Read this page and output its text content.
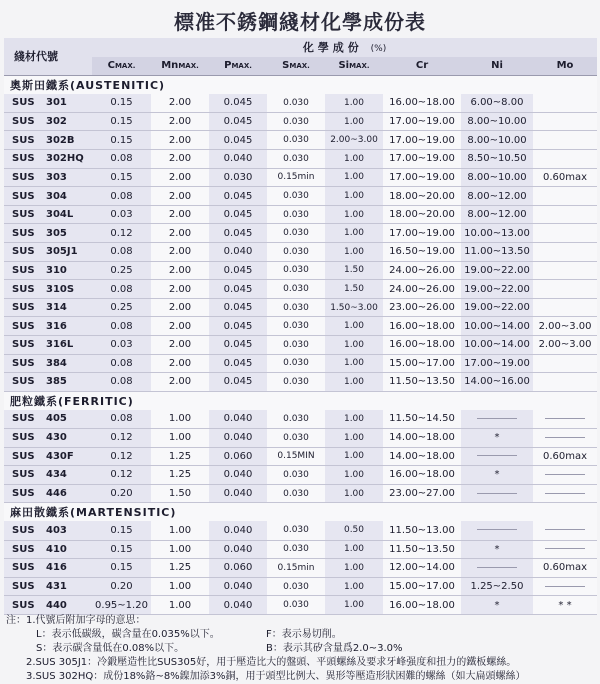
標准不銹鋼綫材化學成份表
綫材代號	化學成份 (%)							
	CMAX.	MnMAX.	PMAX.	SMAX.	SiMAX.	Cr	Ni	Mo
奧斯田鐵系(AUSTENITIC)								
SUS 301	0.15	2.00	0.045	0.030	1.00	16.00~18.00	6.00~8.00	
SUS 302	0.15	2.00	0.045	0.030	1.00	17.00~19.00	8.00~10.00	
SUS 302B	0.15	2.00	0.045	0.030	2.00~3.00	17.00~19.00	8.00~10.00	
SUS 302HQ	0.08	2.00	0.040	0.030	1.00	17.00~19.00	8.50~10.50	
SUS 303	0.15	2.00	0.030	0.15min	1.00	17.00~19.00	8.00~10.00	0.60max
SUS 304	0.08	2.00	0.045	0.030	1.00	18.00~20.00	8.00~12.00	
SUS 304L	0.03	2.00	0.045	0.030	1.00	18.00~20.00	8.00~12.00	
SUS 305	0.12	2.00	0.045	0.030	1.00	17.00~19.00	10.00~13.00	
SUS 305J1	0.08	2.00	0.040	0.030	1.00	16.50~19.00	11.00~13.50	
SUS 310	0.25	2.00	0.045	0.030	1.50	24.00~26.00	19.00~22.00	
SUS 310S	0.08	2.00	0.045	0.030	1.50	24.00~26.00	19.00~22.00	
SUS 314	0.25	2.00	0.045	0.030	1.50~3.00	23.00~26.00	19.00~22.00	
SUS 316	0.08	2.00	0.045	0.030	1.00	16.00~18.00	10.00~14.00	2.00~3.00
SUS 316L	0.03	2.00	0.045	0.030	1.00	16.00~18.00	10.00~14.00	2.00~3.00
SUS 384	0.08	2.00	0.045	0.030	1.00	15.00~17.00	17.00~19.00	
SUS 385	0.08	2.00	0.045	0.030	1.00	11.50~13.50	14.00~16.00	
肥粒鐵系(FERRITIC)								
SUS 405	0.08	1.00	0.040	0.030	1.00	11.50~14.50		
SUS 430	0.12	1.00	0.040	0.030	1.00	14.00~18.00	*	
SUS 430F	0.12	1.25	0.060	0.15MIN	1.00	14.00~18.00		0.60max
SUS 434	0.12	1.25	0.040	0.030	1.00	16.00~18.00	*	
SUS 446	0.20	1.50	0.040	0.030	1.00	23.00~27.00		
麻田散鐵系(MARTENSITIC)								
SUS 403	0.15	1.00	0.040	0.030	0.50	11.50~13.00		
SUS 410	0.15	1.00	0.040	0.030	1.00	11.50~13.50	*	
SUS 416	0.15	1.25	0.060	0.15min	1.00	12.00~14.00		0.60max
SUS 431	0.20	1.00	0.040	0.030	1.00	15.00~17.00	1.25~2.50	
SUS 440	0.95~1.20	1.00	0.040	0.030	1.00	16.00~18.00	*	* *
注：1.代號后附加字母的意思：
L：表示低碳級，碳含量在0.035%以下。	F：表示易切削。
S：表示碳含量低在0.08%以下。	B：表示其矽含量爲2.0~3.0%
2.SUS 305J1：冷鍛壓造性比SUS305好，用于壓造比大的盤頭、平頭螺絲及要求牙峰强度和扭力的鐵板螺絲。
3.SUS 302HQ：成份18%鉻~8%鎳加添3%銅，用于頭型比例大、異形等壓造形狀困難的螺絲（如大扁頭螺絲）
